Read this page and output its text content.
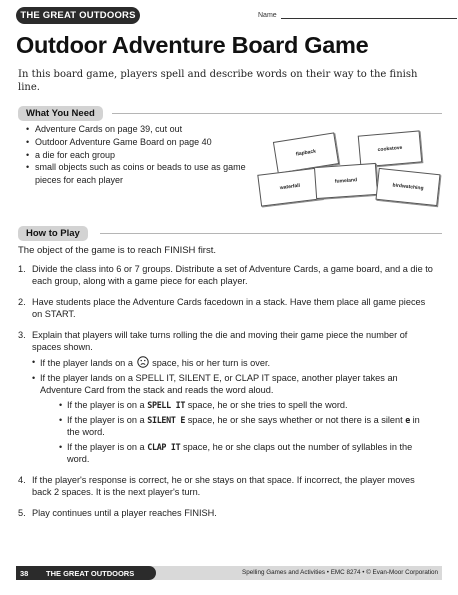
THE GREAT OUTDOORS	Name
Outdoor Adventure Board Game

In this board game, players spell and describe words on their way to the finish line.

What You Need
• Adventure Cards on page 39, cut out
• Outdoor Adventure Game Board on page 40
• a die for each group
• small objects such as coins or beads to use as game pieces for each player
flapback	cookstove
waterfall
fumeland
birdwatching
How to Play

The object of the game is to reach FINISH first.

1. Divide the class into 6 or 7 groups. Distribute a set of Adventure Cards, a game board, and a die to each group, along with a game piece for each player.
2. Have students place the Adventure Cards facedown in a stack. Have them place all game pieces on START.
3. Explain that players will take turns rolling the die and moving their game piece the number of spaces shown.
• If the player lands on a space, his or her turn is over.
• If the player lands on a SPELL IT, SILENT E, or CLAP IT space, another player takes an Adventure Card from the stack and reads the word aloud.
• If the player is on a SPELL IT space, he or she tries to spell the word.
• If the player is on a SILENT E space, he or she says whether or not there is a silent e in the word.
• If the player is on a CLAP IT space, he or she claps out the number of syllables in the word.
4. If the player's response is correct, he or she stays on that space. If incorrect, the player moves back 2 spaces. It is the next player's turn.
5. Play continues until a player reaches FINISH.
38	THE GREAT OUTDOORS	Spelling Games and Activities • EMC 8274 • © Evan-Moor Corporation
